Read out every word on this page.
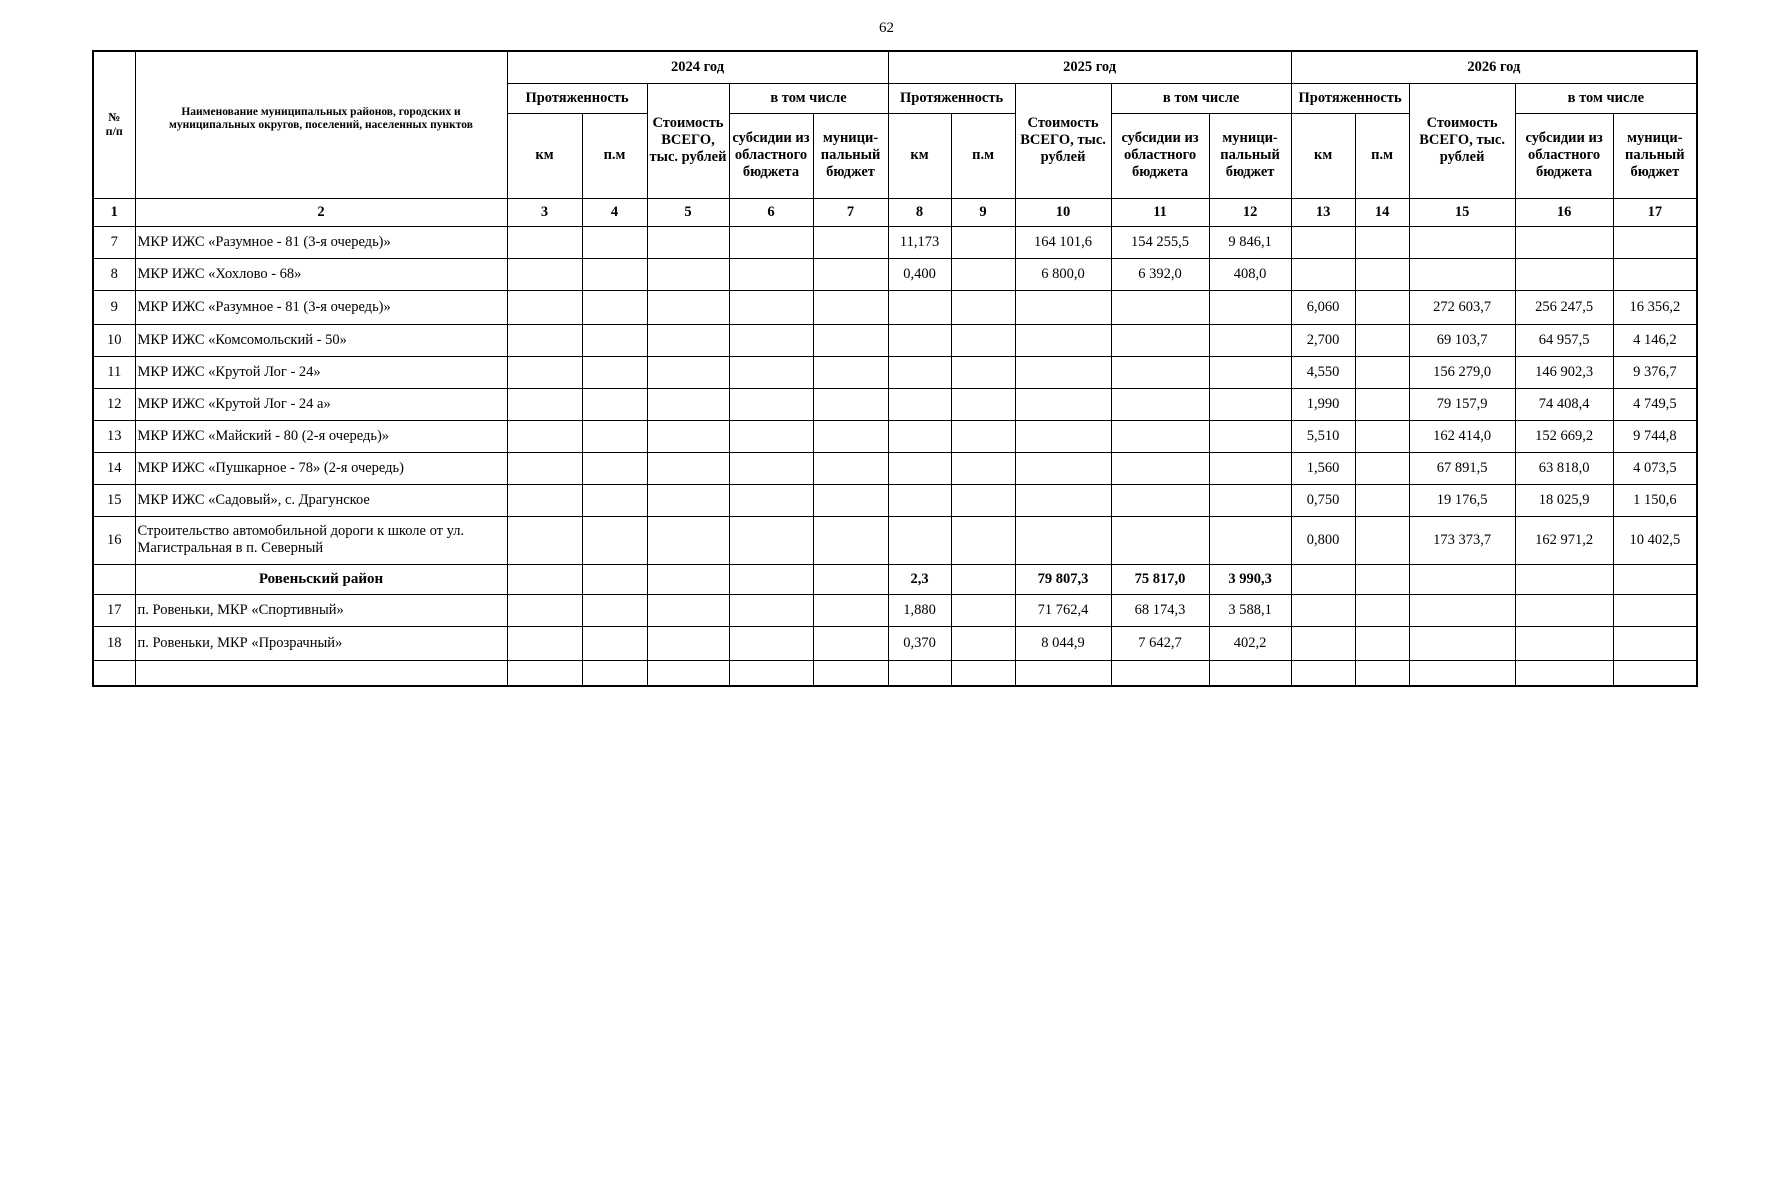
62
№
п/п	Наименование муниципальных районов, городских и муниципальных округов, поселений, населенных пунктов	2024 год					2025 год					2026 год				
		Протяженность		Стоимость ВСЕГО, тыс. рублей	в том числе		Протяженность		Стоимость ВСЕГО, тыс. рублей	в том числе		Протяженность		Стоимость ВСЕГО, тыс. рублей	в том числе	
		км	п.м		субсидии из областного бюджета	муници-пальный бюджет	км	п.м		субсидии из областного бюджета	муници-пальный бюджет	км	п.м		субсидии из областного бюджета	муници-пальный бюджет
1	2	3	4	5	6	7	8	9	10	11	12	13	14	15	16	17
7	МКР ИЖС «Разумное - 81 (3-я очередь)»						11,173		164 101,6	154 255,5	9 846,1					
8	МКР ИЖС «Хохлово - 68»						0,400		6 800,0	6 392,0	408,0					
9	МКР ИЖС «Разумное - 81 (3-я очередь)»											6,060		272 603,7	256 247,5	16 356,2
10	МКР ИЖС «Комсомольский - 50»											2,700		69 103,7	64 957,5	4 146,2
11	МКР ИЖС «Крутой Лог - 24»											4,550		156 279,0	146 902,3	9 376,7
12	МКР ИЖС «Крутой Лог - 24 а»											1,990		79 157,9	74 408,4	4 749,5
13	МКР ИЖС «Майский - 80 (2-я очередь)»											5,510		162 414,0	152 669,2	9 744,8
14	МКР ИЖС «Пушкарное - 78» (2-я очередь)											1,560		67 891,5	63 818,0	4 073,5
15	МКР ИЖС «Садовый», с. Драгунское											0,750		19 176,5	18 025,9	1 150,6
16	Строительство автомобильной дороги к школе от ул. Магистральная в п. Северный											0,800		173 373,7	162 971,2	10 402,5
	Ровеньский район						2,3		79 807,3	75 817,0	3 990,3					
17	п. Ровеньки, МКР «Спортивный»						1,880		71 762,4	68 174,3	3 588,1					
18	п. Ровеньки, МКР «Прозрачный»						0,370		8 044,9	7 642,7	402,2					
